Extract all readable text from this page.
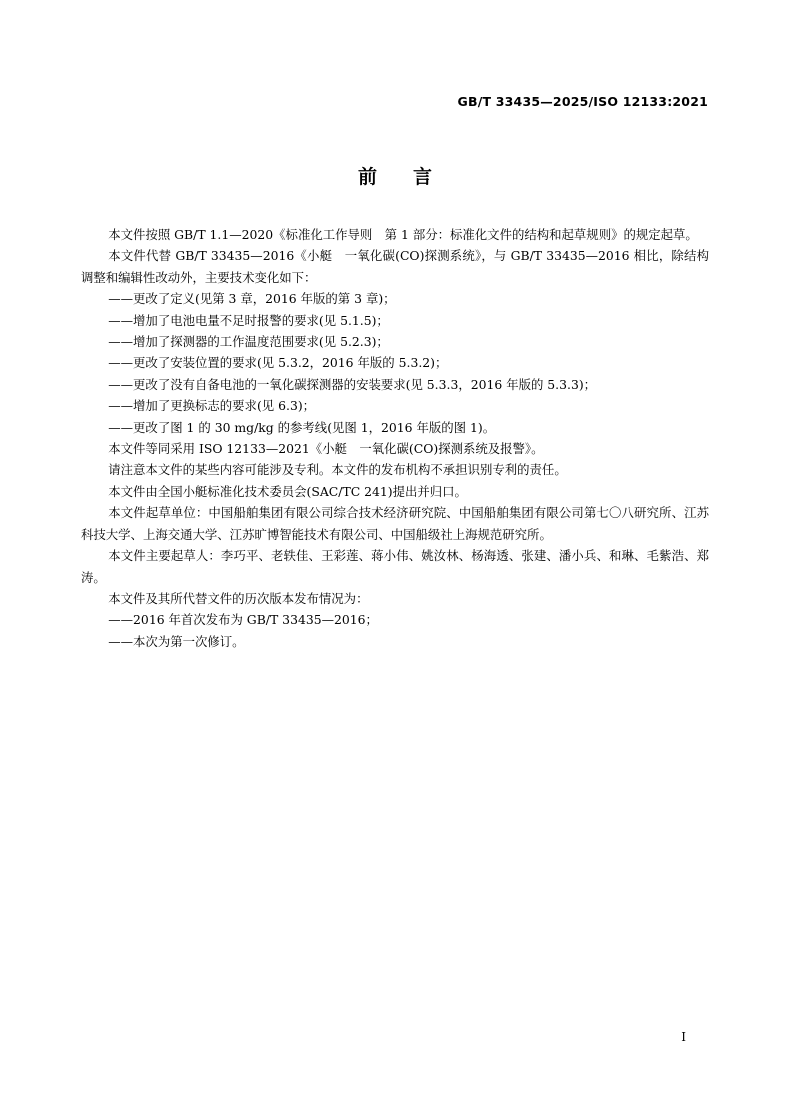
GB/T 33435—2025/ISO 12133:2021
前 言

本文件按照 GB/T 1.1—2020《标准化工作导则　第 1 部分：标准化文件的结构和起草规则》的规定起草。

本文件代替 GB/T 33435—2016《小艇　一氧化碳(CO)探测系统》，与 GB/T 33435—2016 相比，除结构调整和编辑性改动外，主要技术变化如下：

——更改了定义(见第 3 章，2016 年版的第 3 章)；

——增加了电池电量不足时报警的要求(见 5.1.5)；

——增加了探测器的工作温度范围要求(见 5.2.3)；

——更改了安装位置的要求(见 5.3.2，2016 年版的 5.3.2)；

——更改了没有自备电池的一氧化碳探测器的安装要求(见 5.3.3，2016 年版的 5.3.3)；

——增加了更换标志的要求(见 6.3)；

——更改了图 1 的 30 mg/kg 的参考线(见图 1，2016 年版的图 1)。

本文件等同采用 ISO 12133—2021《小艇　一氧化碳(CO)探测系统及报警》。

请注意本文件的某些内容可能涉及专利。本文件的发布机构不承担识别专利的责任。

本文件由全国小艇标准化技术委员会(SAC/TC 241)提出并归口。

本文件起草单位：中国船舶集团有限公司综合技术经济研究院、中国船舶集团有限公司第七〇八研究所、江苏科技大学、上海交通大学、江苏旷博智能技术有限公司、中国船级社上海规范研究所。

本文件主要起草人：李巧平、老轶佳、王彩莲、蒋小伟、姚汝林、杨海透、张建、潘小兵、和琳、毛紫浩、郑涛。

本文件及其所代替文件的历次版本发布情况为：

——2016 年首次发布为 GB/T 33435—2016；

——本次为第一次修订。

I
